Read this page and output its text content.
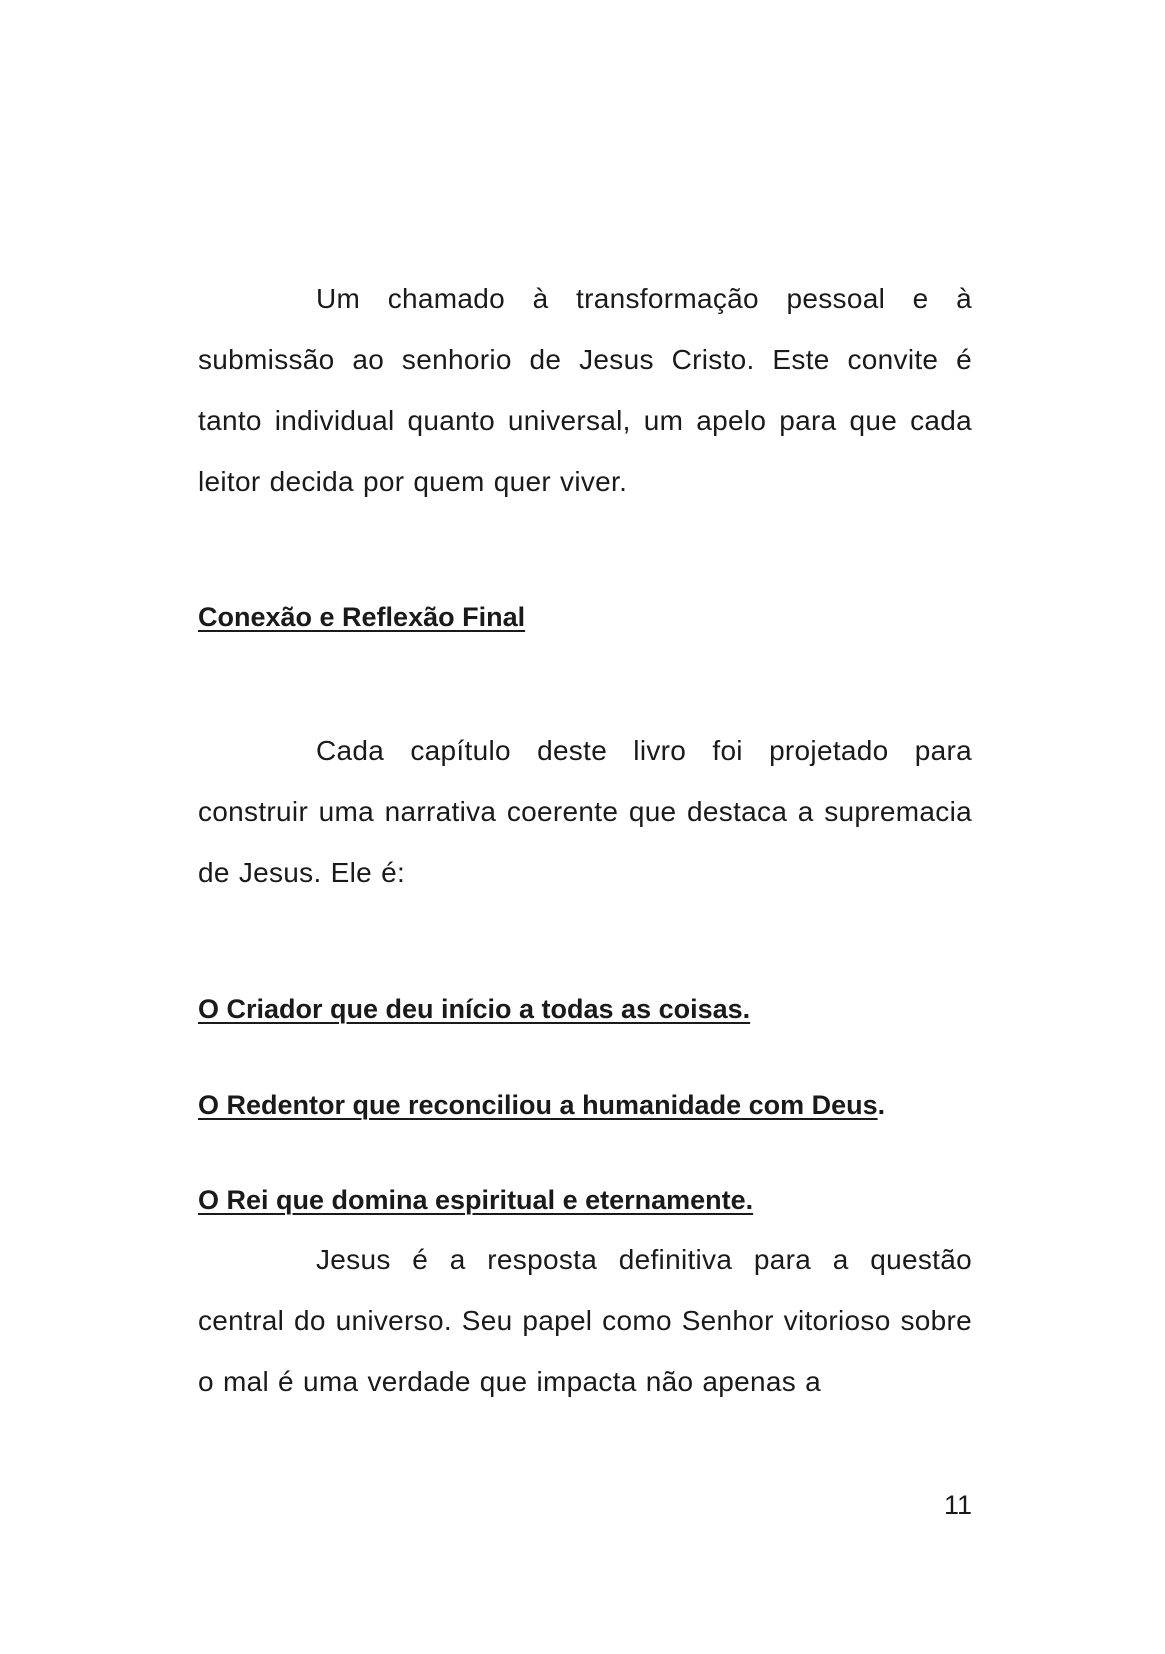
Um chamado à transformação pessoal e à submissão ao senhorio de Jesus Cristo. Este convite é tanto individual quanto universal, um apelo para que cada leitor decida por quem quer viver.

Conexão e Reflexão Final

Cada capítulo deste livro foi projetado para construir uma narrativa coerente que destaca a supremacia de Jesus. Ele é:

O Criador que deu início a todas as coisas.

O Redentor que reconciliou a humanidade com Deus.

O Rei que domina espiritual e eternamente.

Jesus é a resposta definitiva para a questão central do universo. Seu papel como Senhor vitorioso sobre o mal é uma verdade que impacta não apenas a

11
